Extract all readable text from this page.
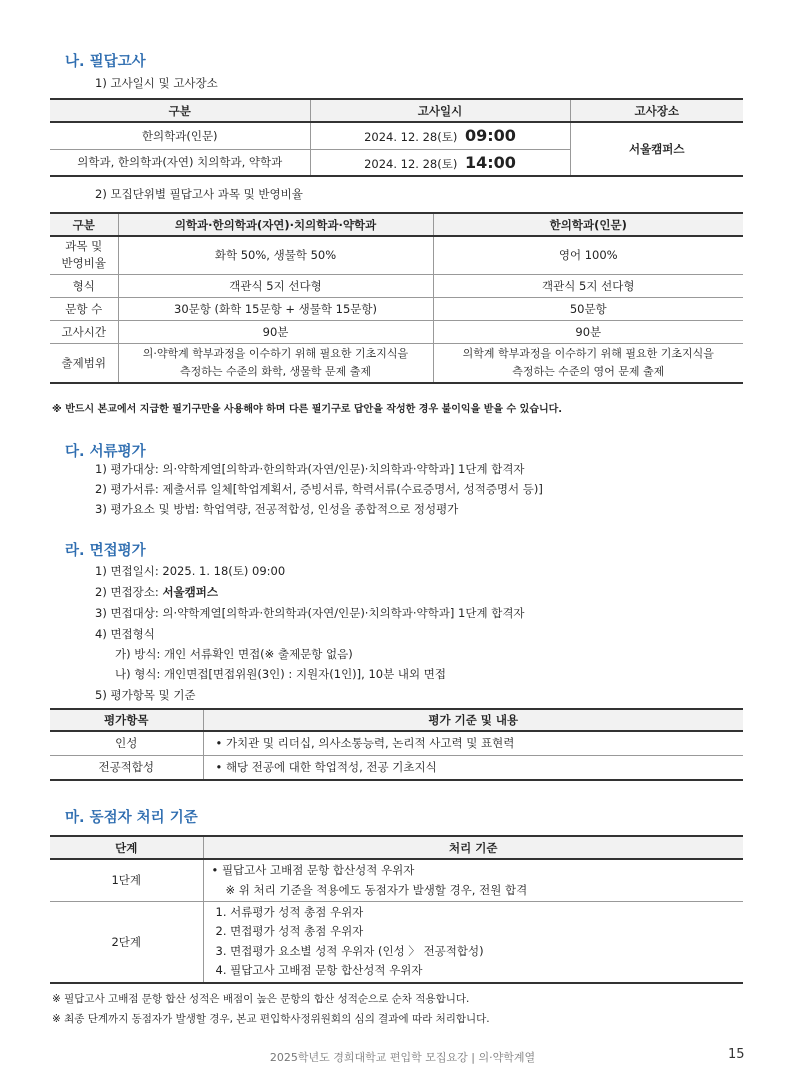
나. 필답고사
1) 고사일시 및 고사장소
구분	고사일시	고사장소
한의학과(인문)	2024. 12. 28(토) 09:00	서울캠퍼스
의학과, 한의학과(자연) 치의학과, 약학과	2024. 12. 28(토) 14:00	
2) 모집단위별 필답고사 과목 및 반영비율
구분	의학과·한의학과(자연)·치의학과·약학과	한의학과(인문)
과목 및
반영비율	화학 50%, 생물학 50%	영어 100%
형식	객관식 5지 선다형	객관식 5지 선다형
문항 수	30문항 (화학 15문항 + 생물학 15문항)	50문항
고사시간	90분	90분
출제범위	의·약학계 학부과정을 이수하기 위해 필요한 기초지식을
측정하는 수준의 화학, 생물학 문제 출제	의학계 학부과정을 이수하기 위해 필요한 기초지식을
측정하는 수준의 영어 문제 출제
※ 반드시 본교에서 지급한 필기구만을 사용해야 하며 다른 필기구로 답안을 작성한 경우 불이익을 받을 수 있습니다.
다. 서류평가
1) 평가대상: 의·약학계열[의학과·한의학과(자연/인문)·치의학과·약학과] 1단계 합격자
2) 평가서류: 제출서류 일체[학업계획서, 증빙서류, 학력서류(수료증명서, 성적증명서 등)]
3) 평가요소 및 방법: 학업역량, 전공적합성, 인성을 종합적으로 정성평가
라. 면접평가
1) 면접일시: 2025. 1. 18(토) 09:00
2) 면접장소: 서울캠퍼스
3) 면접대상: 의·약학계열[의학과·한의학과(자연/인문)·치의학과·약학과] 1단계 합격자
4) 면접형식
가) 방식: 개인 서류확인 면접(※ 출제문항 없음)
나) 형식: 개인면접[면접위원(3인) : 지원자(1인)], 10분 내외 면접
5) 평가항목 및 기준
평가항목	평가 기준 및 내용
인성	• 가치관 및 리더십, 의사소통능력, 논리적 사고력 및 표현력
전공적합성	• 해당 전공에 대한 학업적성, 전공 기초지식
마. 동점자 처리 기준
단계	처리 기준
1단계	• 필답고사 고배점 문항 합산성적 우위자
※ 위 처리 기준을 적용에도 동점자가 발생할 경우, 전원 합격

2단계	1. 서류평가 성적 총점 우위자
2. 면접평가 성적 총점 우위자
3. 면접평가 요소별 성적 우위자 (인성 〉 전공적합성)
4. 필답고사 고배점 문항 합산성적 우위자
※ 필답고사 고배점 문항 합산 성적은 배점이 높은 문항의 합산 성적순으로 순차 적용합니다.
※ 최종 단계까지 동점자가 발생할 경우, 본교 편입학사정위원회의 심의 결과에 따라 처리합니다.
2025학년도 경희대학교 편입학 모집요강 | 의·약학계열	15
